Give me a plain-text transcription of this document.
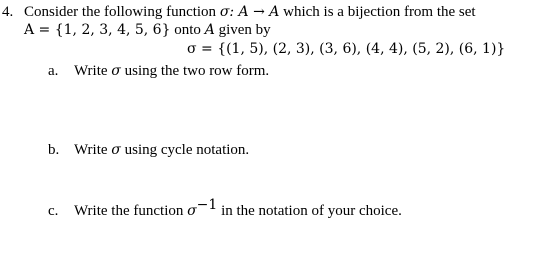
4. Consider the following function σ: A → A which is a bijection from the set
A = {1, 2, 3, 4, 5, 6} onto A given by
σ = {(1, 5), (2, 3), (3, 6), (4, 4), (5, 2), (6, 1)}
a. Write σ using the two row form.
b. Write σ using cycle notation.
c. Write the function $\sigma^{-1}$ in the notation of your choice.
